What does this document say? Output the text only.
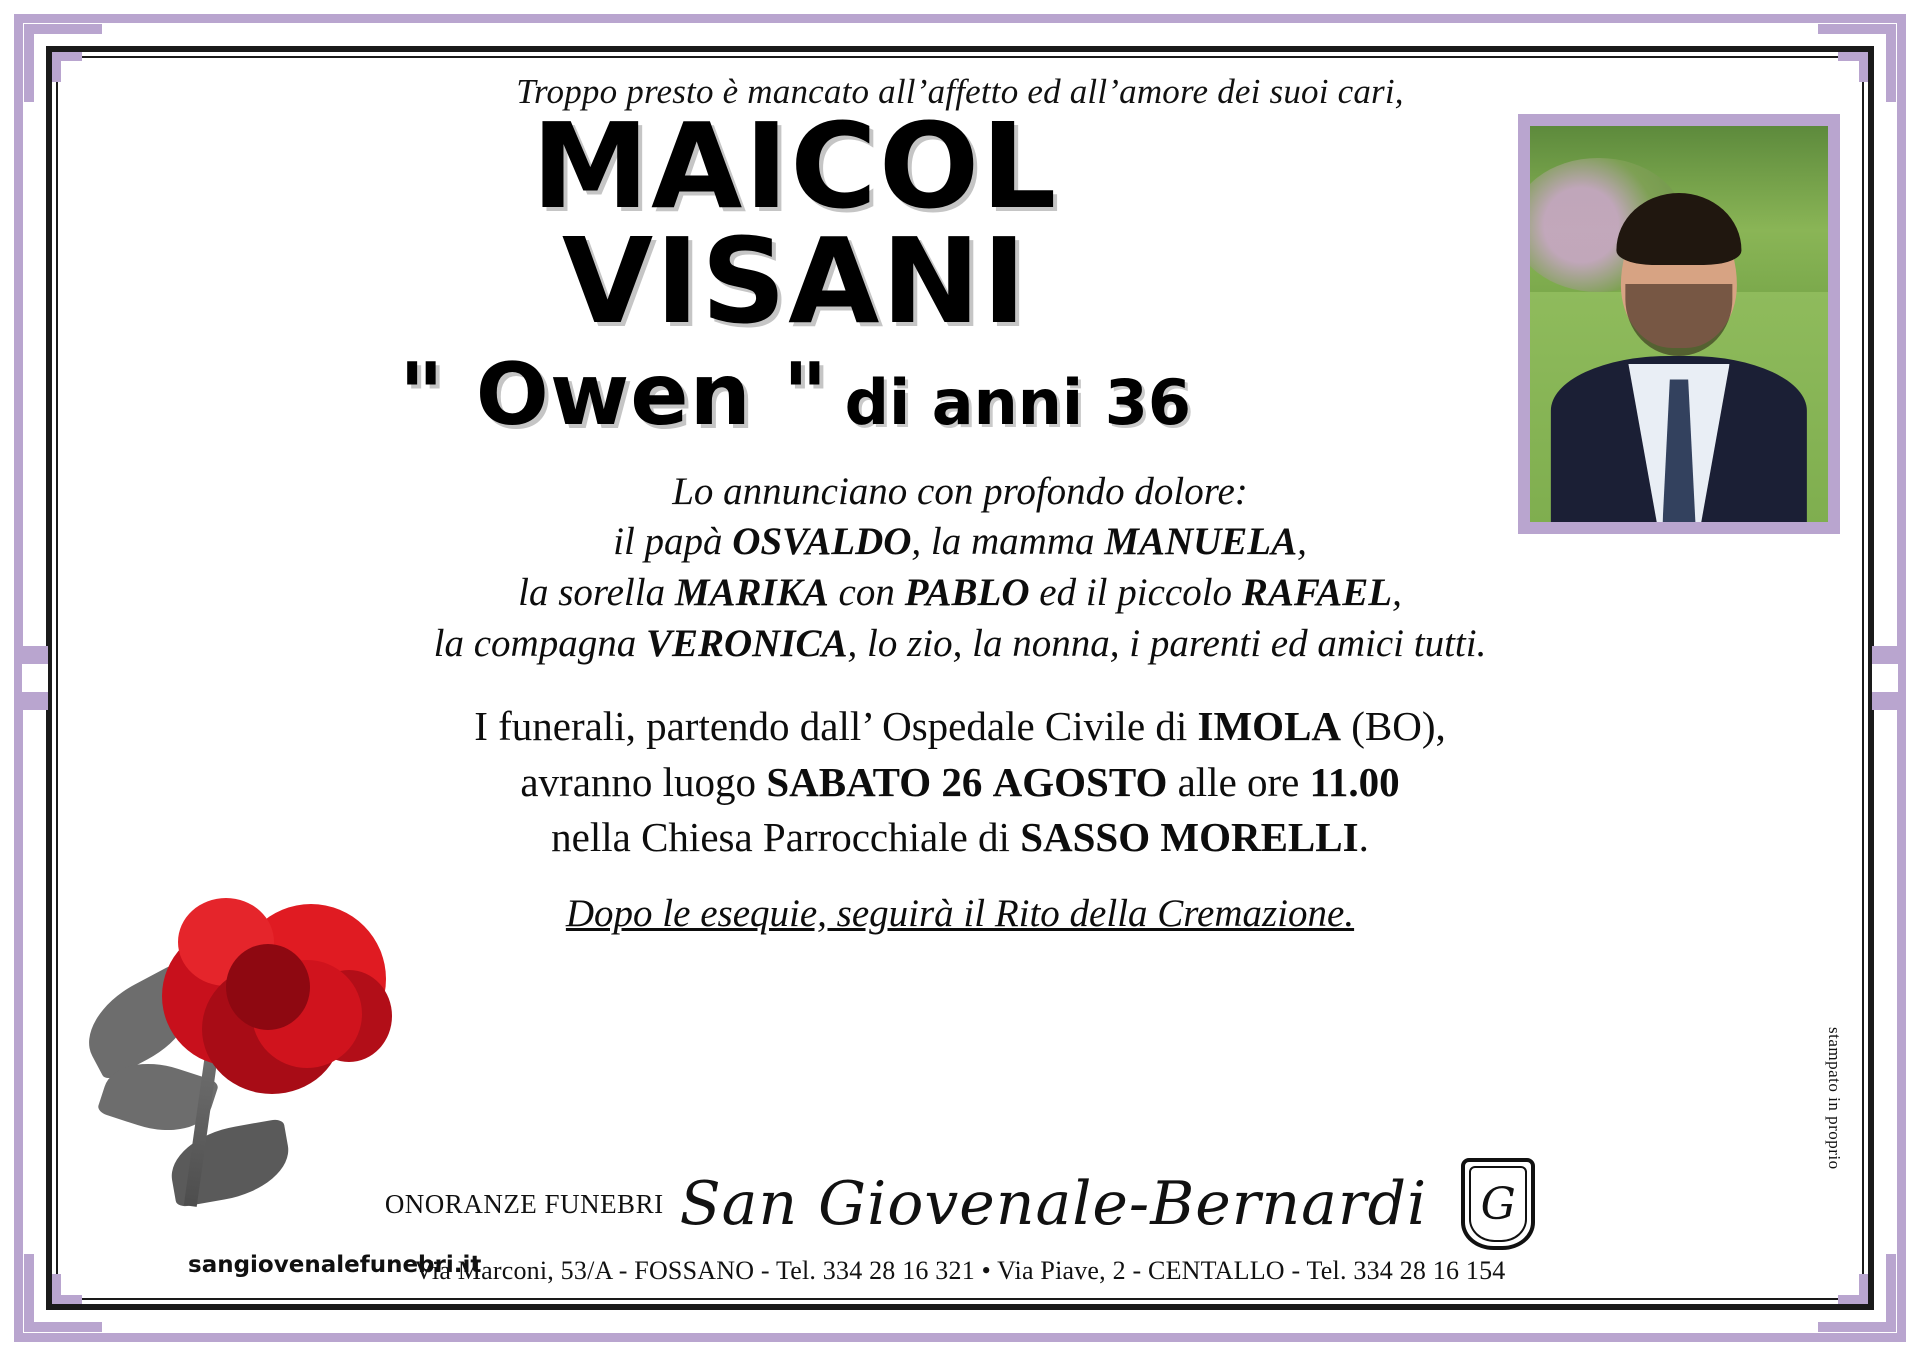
Troppo presto è mancato all’affetto ed all’amore dei suoi cari,
MAICOL
VISANI
" Owen " di anni 36
Lo annunciano con profondo dolore:
il papà OSVALDO, la mamma MANUELA,
la sorella MARIKA con PABLO ed il piccolo RAFAEL,
la compagna VERONICA, lo zio, la nonna, i parenti ed amici tutti.
I funerali, partendo dall’ Ospedale Civile di IMOLA (BO),
avranno luogo SABATO 26 AGOSTO alle ore 11.00
nella Chiesa Parrocchiale di SASSO MORELLI.
Dopo le esequie, seguirà il Rito della Cremazione.
ONORANZE FUNEBRI San Giovenale-Bernardi	G
Via Marconi, 53/A - FOSSANO - Tel. 334 28 16 321 • Via Piave, 2 - CENTALLO - Tel. 334 28 16 154
sangiovenalefunebri.it
stampato in proprio
